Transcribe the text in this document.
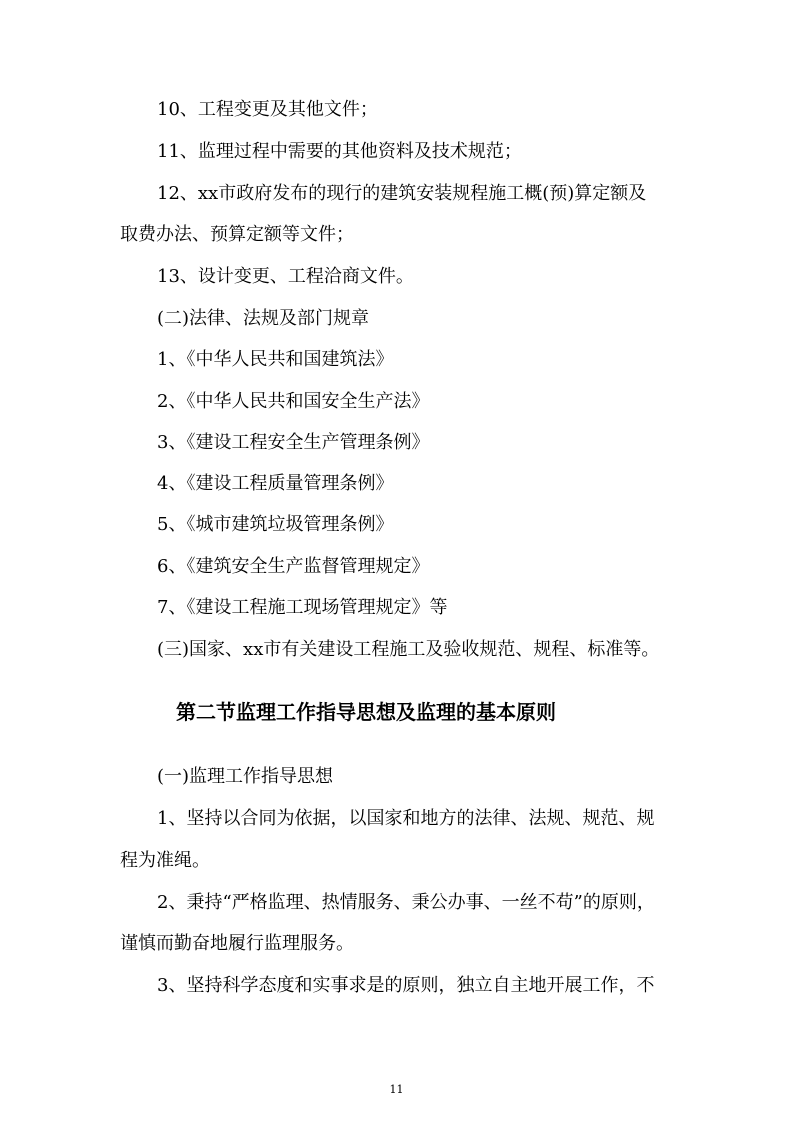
10、工程变更及其他文件；
11、监理过程中需要的其他资料及技术规范；
12、xx市政府发布的现行的建筑安装规程施工概(预)算定额及
取费办法、预算定额等文件；
13、设计变更、工程洽商文件。
(二)法律、法规及部门规章
1、《中华人民共和国建筑法》
2、《中华人民共和国安全生产法》
3、《建设工程安全生产管理条例》
4、《建设工程质量管理条例》
5、《城市建筑垃圾管理条例》
6、《建筑安全生产监督管理规定》
7、《建设工程施工现场管理规定》等
(三)国家、xx市有关建设工程施工及验收规范、规程、标准等。
第二节监理工作指导思想及监理的基本原则
(一)监理工作指导思想
1、坚持以合同为依据，以国家和地方的法律、法规、规范、规
程为准绳。
2、秉持“严格监理、热情服务、秉公办事、一丝不苟”的原则，
谨慎而勤奋地履行监理服务。
3、坚持科学态度和实事求是的原则，独立自主地开展工作，不
11
